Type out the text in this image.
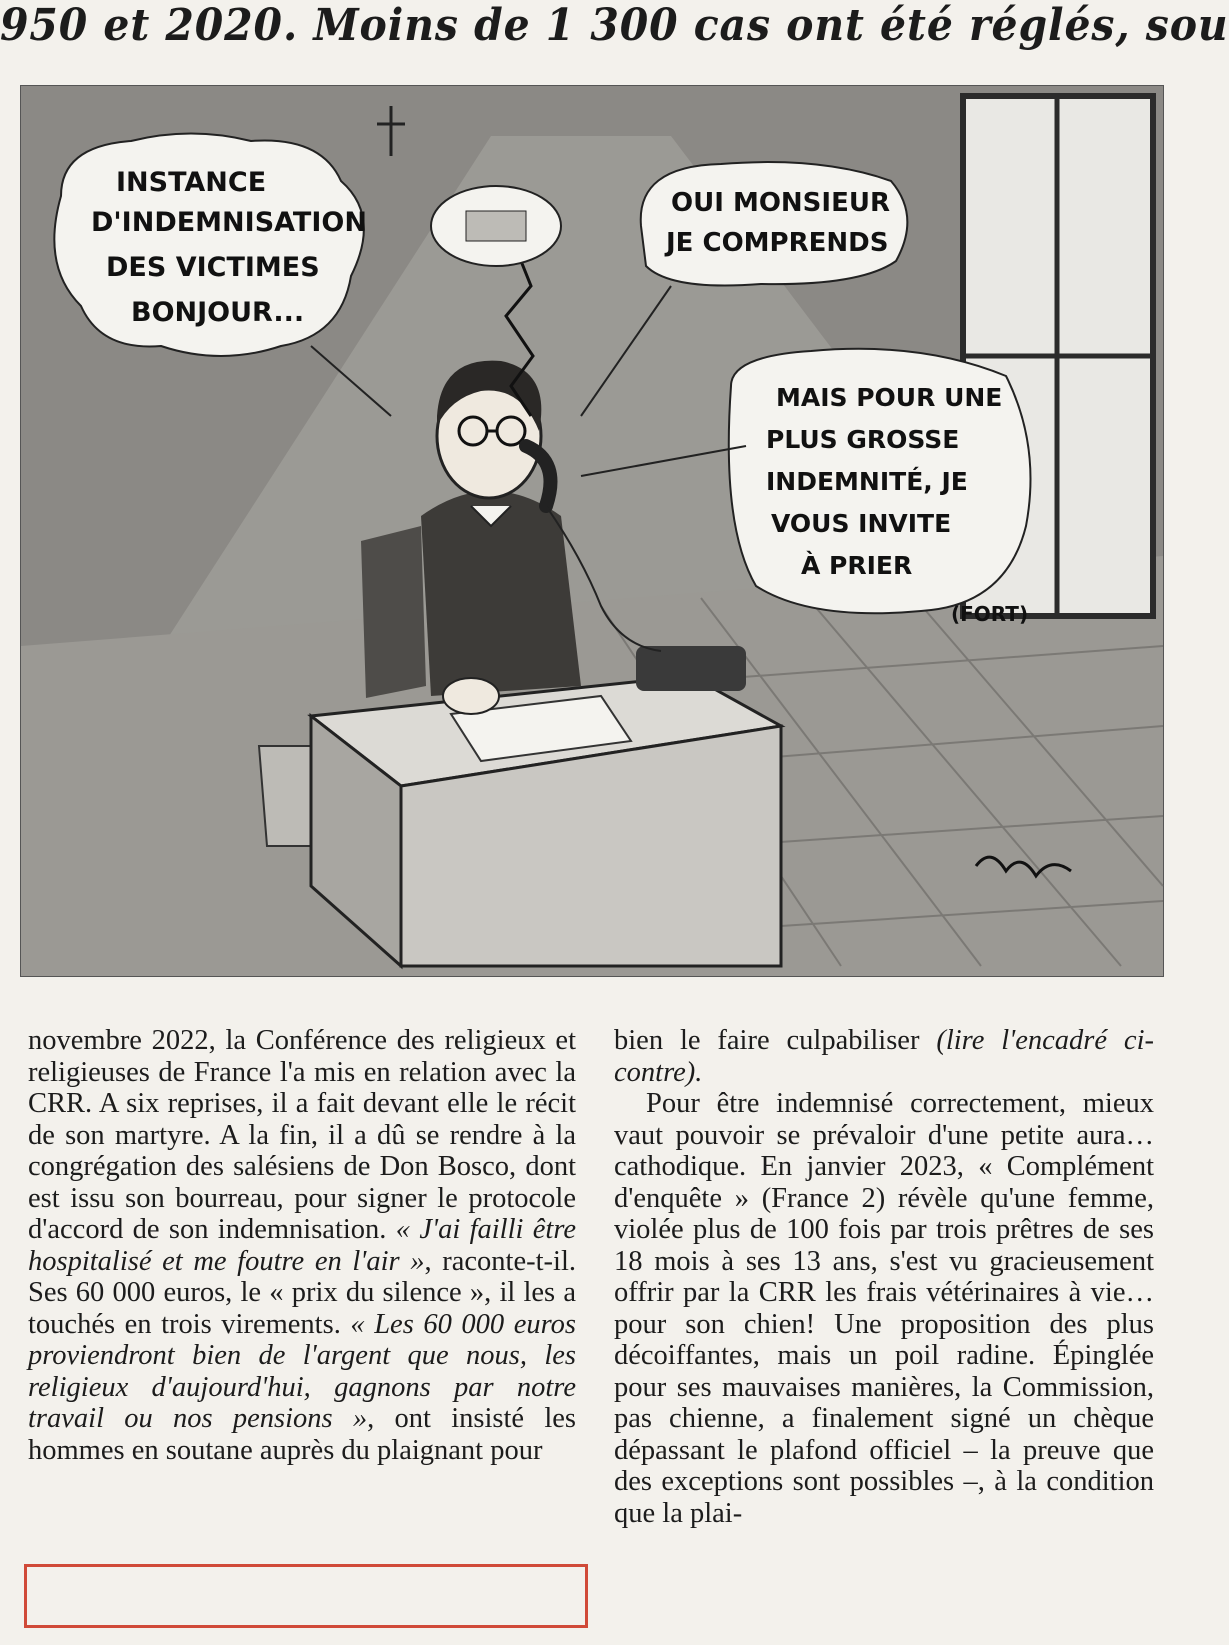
950 et 2020. Moins de 1 300 cas ont été réglés, sou
INSTANCE D'INDEMNISATION DES VICTIMES BONJOUR...
OUI MONSIEUR JE COMPRENDS
MAIS POUR UNE PLUS GROSSE INDEMNITÉ, JE VOUS INVITE À PRIER
(FORT)

novembre 2022, la Conférence des religieux et religieuses de France l'a mis en relation avec la CRR. A six reprises, il a fait devant elle le récit de son martyre. A la fin, il a dû se rendre à la congrégation des salésiens de Don Bosco, dont est issu son bourreau, pour signer le protocole d'accord de son indemnisation. « J'ai failli être hospitalisé et me foutre en l'air », raconte-t-il. Ses 60 000 euros, le « prix du silence », il les a touchés en trois virements. « Les 60 000 euros proviendront bien de l'argent que nous, les religieux d'aujourd'hui, gagnons par notre travail ou nos pensions », ont insisté les hommes en soutane auprès du plaignant pour

bien le faire culpabiliser (lire l'encadré ci-contre).

Pour être indemnisé correctement, mieux vaut pouvoir se prévaloir d'une petite aura… cathodique. En janvier 2023, « Complément d'enquête » (France 2) révèle qu'une femme, violée plus de 100 fois par trois prêtres de ses 18 mois à ses 13 ans, s'est vu gracieusement offrir par la CRR les frais vétérinaires à vie… pour son chien! Une proposition des plus décoiffantes, mais un poil radine. Épinglée pour ses mauvaises manières, la Commission, pas chienne, a finalement signé un chèque dépassant le plafond officiel – la preuve que des exceptions sont possibles –, à la condition que la plai-
